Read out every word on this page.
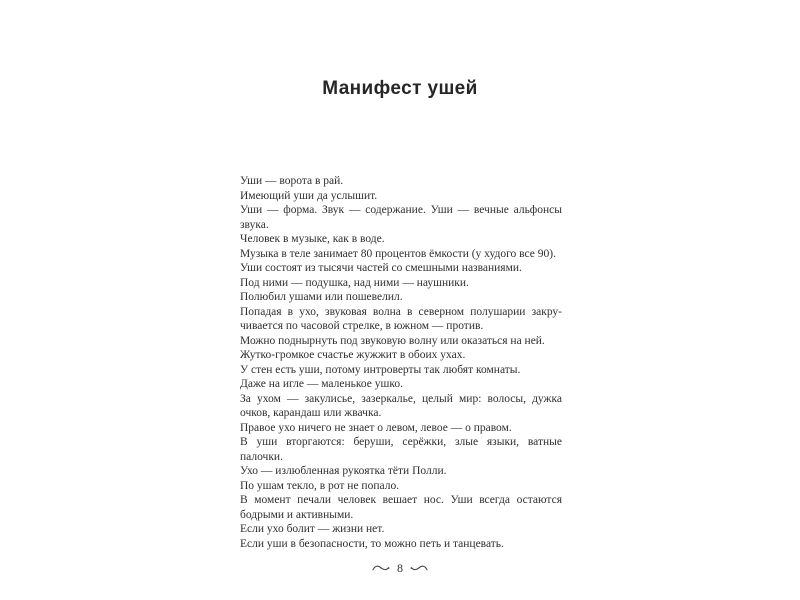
Манифест ушей
Уши — ворота в рай.
Имеющий уши да услышит.
Уши — форма. Звук — содержание. Уши — вечные альфонсы
звука.
Человек в музыке, как в воде.
Музыка в теле занимает 80 процентов ёмкости (у худого все 90).
Уши состоят из тысячи частей со смешными названиями.
Под ними — подушка, над ними — наушники.
Полюбил ушами или пошевелил.
Попадая в ухо, звуковая волна в северном полушарии закру-
чивается по часовой стрелке, в южном — против.
Можно поднырнуть под звуковую волну или оказаться на ней.
Жутко-громкое счастье жужжит в обоих ухах.
У стен есть уши, потому интроверты так любят комнаты.
Даже на игле — маленькое ушко.
За ухом — закулисье, зазеркалье, целый мир: волосы, дужка
очков, карандаш или жвачка.
Правое ухо ничего не знает о левом, левое — о правом.
В уши вторгаются: беруши, серёжки, злые языки, ватные
палочки.
Ухо — излюбленная рукоятка тёти Полли.
По ушам текло, в рот не попало.
В момент печали человек вешает нос. Уши всегда остаются
бодрыми и активными.
Если ухо болит — жизни нет.
Если уши в безопасности, то можно петь и танцевать.
8
